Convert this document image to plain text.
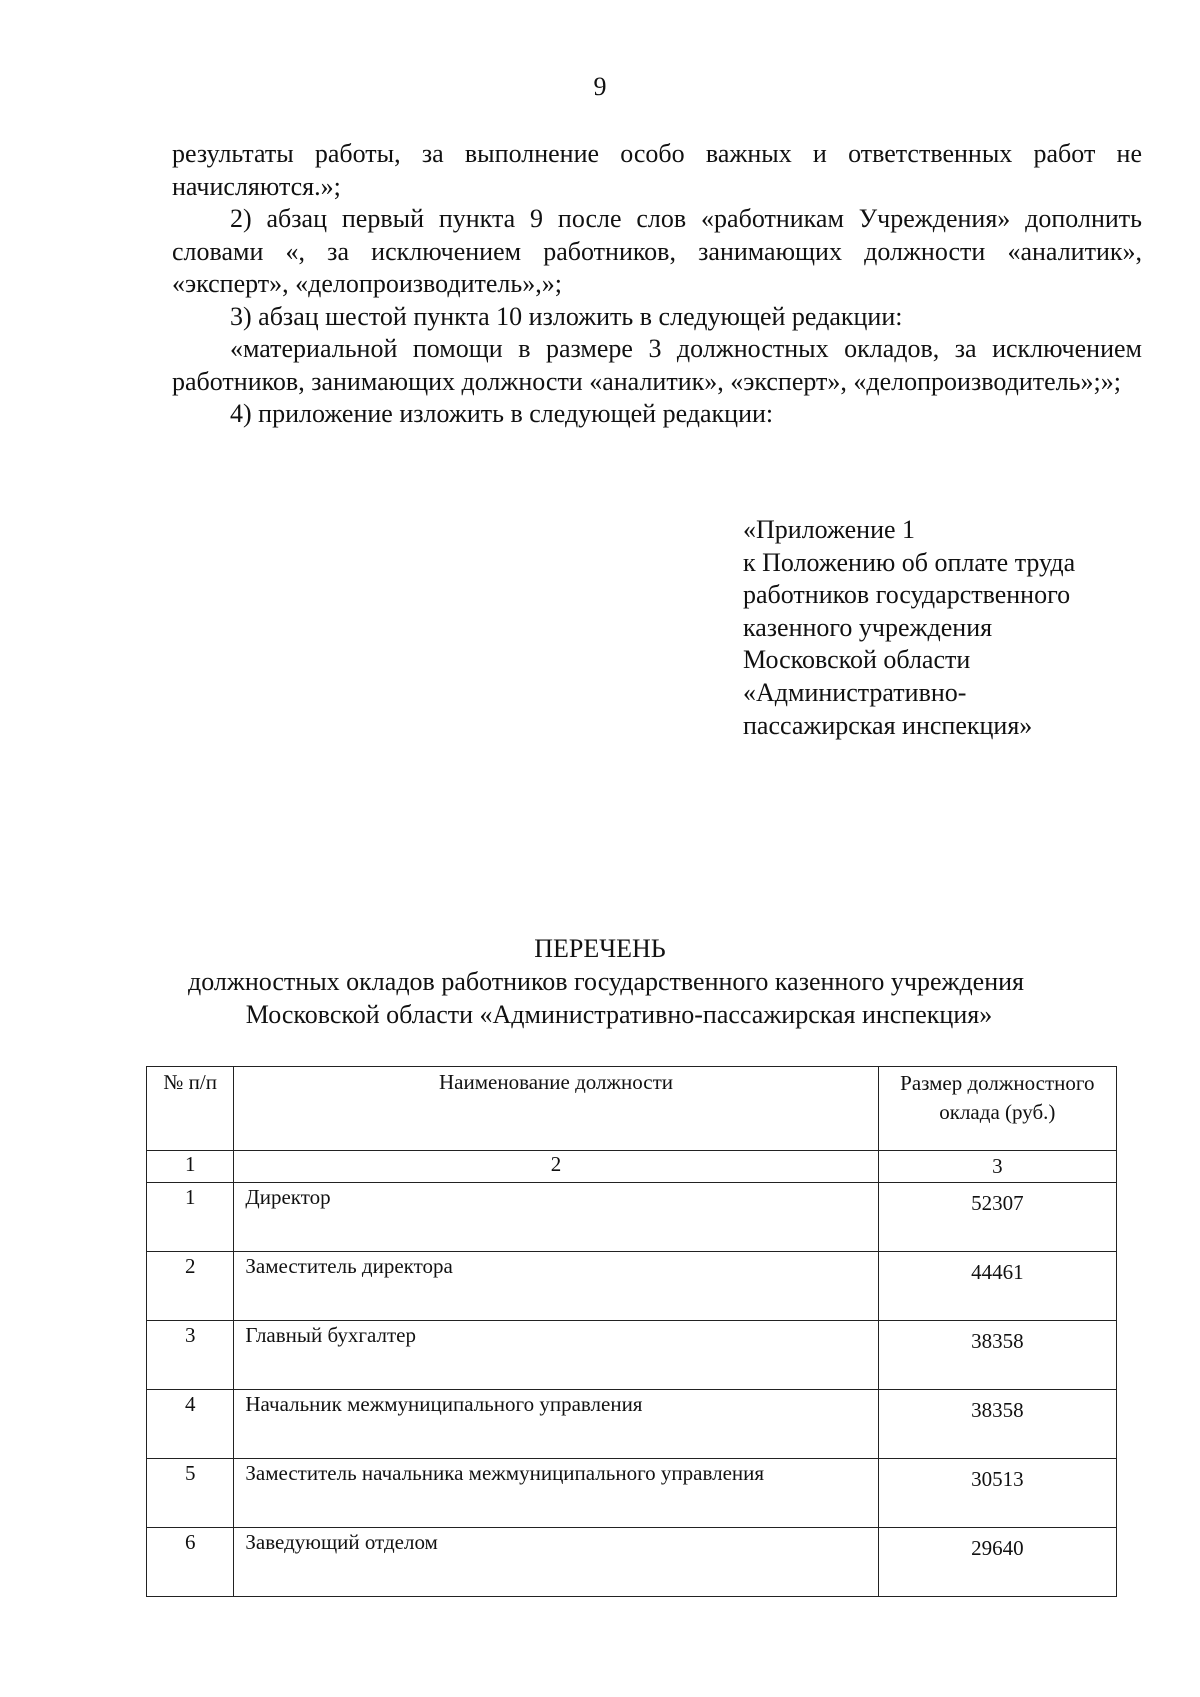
9

результаты работы, за выполнение особо важных и ответственных работ не начисляются.»;

2) абзац первый пункта 9 после слов «работникам Учреждения» дополнить словами «, за исключением работников, занимающих должности «аналитик», «эксперт», «делопроизводитель»,»;

3) абзац шестой пункта 10 изложить в следующей редакции:

«материальной помощи в размере 3 должностных окладов, за исключением работников, занимающих должности «аналитик», «эксперт», «делопроизводитель»;»;

4) приложение изложить в следующей редакции:

«Приложение 1
к Положению об оплате труда
работников государственного
казенного учреждения
Московской области
«Административно-
пассажирская инспекция»
ПЕРЕЧЕНЬ
должностных окладов работников государственного казенного учреждения
Московской области «Административно-пассажирская инспекция»
№ п/п	Наименование должности	Размер должностного оклада (руб.)
1	2	3
1	Директор	52307
2	Заместитель директора	44461
3	Главный бухгалтер	38358
4	Начальник межмуниципального управления	38358
5	Заместитель начальника межмуниципального управления	30513
6	Заведующий отделом	29640
